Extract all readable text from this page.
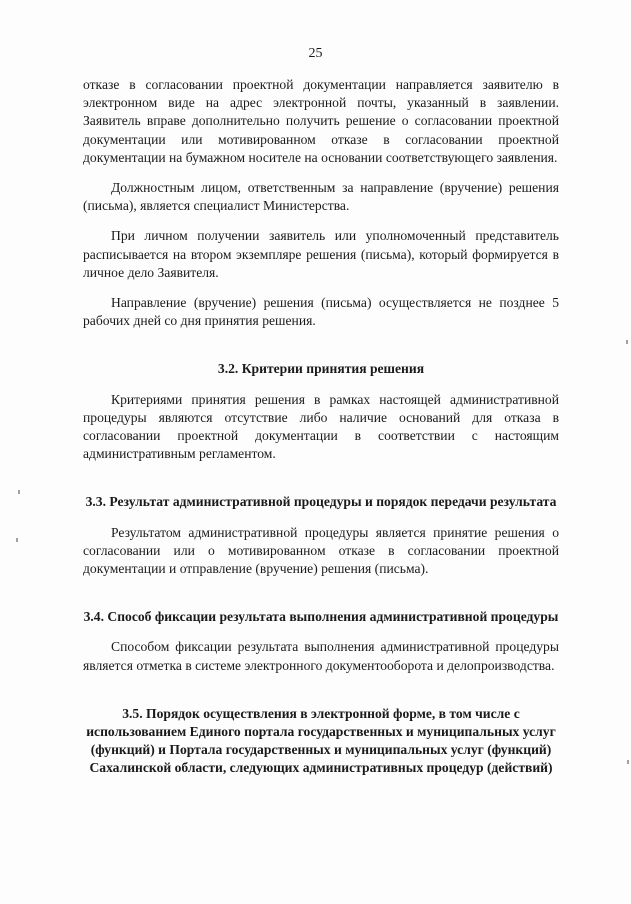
25

отказе в согласовании проектной документации направляется заявителю в электронном виде на адрес электронной почты, указанный в заявлении. Заявитель вправе дополнительно получить решение о согласовании проектной документации или мотивированном отказе в согласовании проектной документации на бумажном носителе на основании соответствующего заявления.

Должностным лицом, ответственным за направление (вручение) решения (письма), является специалист Министерства.

При личном получении заявитель или уполномоченный представитель расписывается на втором экземпляре решения (письма), который формируется в личное дело Заявителя.

Направление (вручение) решения (письма) осуществляется не позднее 5 рабочих дней со дня принятия решения.

3.2. Критерии принятия решения

Критериями принятия решения в рамках настоящей административной процедуры являются отсутствие либо наличие оснований для отказа в согласовании проектной документации в соответствии с настоящим административным регламентом.

3.3. Результат административной процедуры и порядок передачи результата

Результатом административной процедуры является принятие решения о согласовании или о мотивированном отказе в согласовании проектной документации и отправление (вручение) решения (письма).

3.4. Способ фиксации результата выполнения административной процедуры

Способом фиксации результата выполнения административной процедуры является отметка в системе электронного документооборота и делопроизводства.

3.5. Порядок осуществления в электронной форме, в том числе с использованием Единого портала государственных и муниципальных услуг (функций) и Портала государственных и муниципальных услуг (функций) Сахалинской области, следующих административных процедур (действий)
